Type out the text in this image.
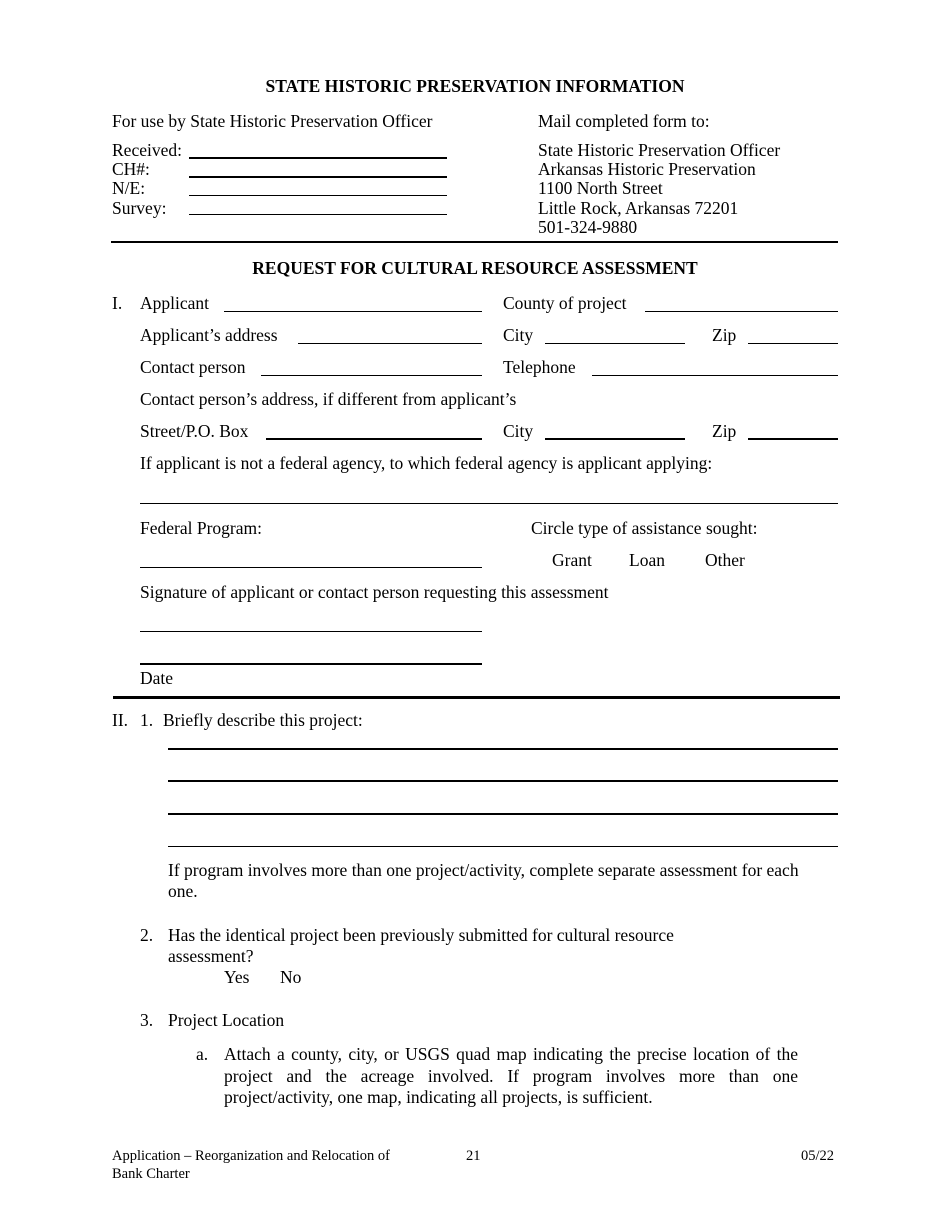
STATE HISTORIC PRESERVATION INFORMATION
For use by State Historic Preservation Officer	Mail completed form to:
Received:
CH#:
N/E:
Survey:
State Historic Preservation Officer
Arkansas Historic Preservation
1100 North Street
Little Rock, Arkansas 72201
501-324-9880
REQUEST FOR CULTURAL RESOURCE ASSESSMENT
I. Applicant	County of project
Applicant’s address	City	Zip
Contact person	Telephone
Contact person’s address, if different from applicant’s
Street/P.O. Box	City	Zip
If applicant is not a federal agency, to which federal agency is applicant applying:
Federal Program:	Circle type of assistance sought:
Grant Loan Other
Signature of applicant or contact person requesting this assessment
Date
II. 1. Briefly describe this project:
If program involves more than one project/activity, complete separate assessment for each one.
2. Has the identical project been previously submitted for cultural resource assessment?
Yes No
3. Project Location
a. Attach a county, city, or USGS quad map indicating the precise location of the project and the acreage involved. If program involves more than one project/activity, one map, indicating all projects, is sufficient.
Application – Reorganization and Relocation of Bank Charter
21	05/22
